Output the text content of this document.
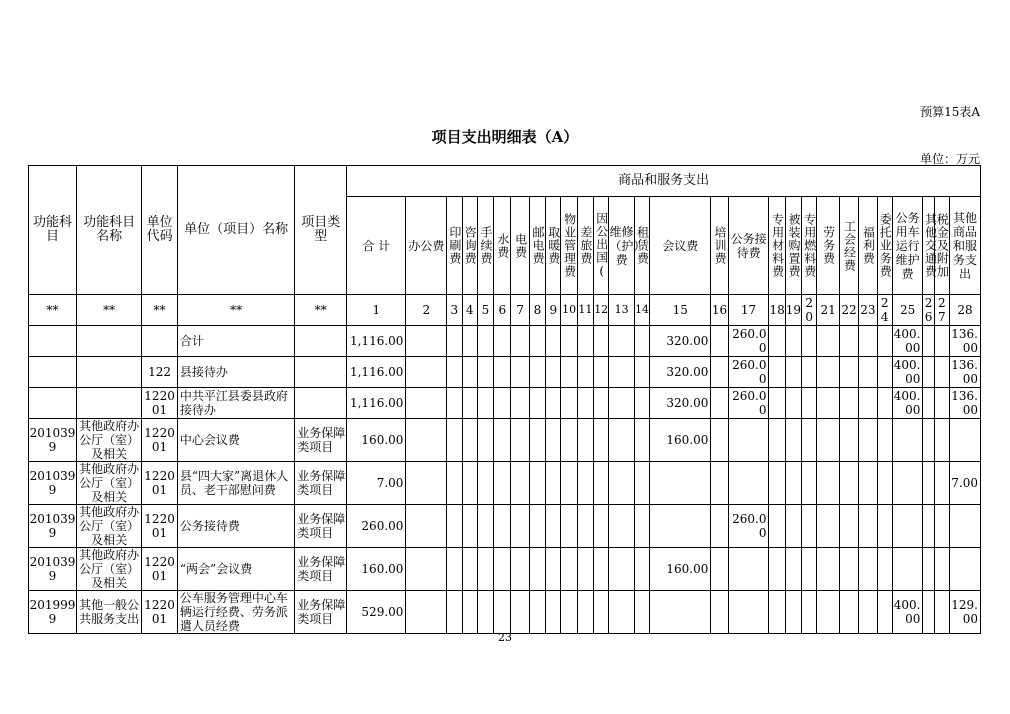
预算15表A
项目支出明细表（A）
单位：万元
功能科目	功能科目名称	单位代码	单位（项目）名称	项目类型	商品和服务支出																											

					合 计	办公费	印刷费	咨询费	手续费	水费	电费	邮电费	取暖费	物业管理费	差旅费	因公出国(	维修（护）费	租赁费	会议费	培训费	公务接待费	专用材料费	被装购置费	专用燃料费	劳务费	工会经费	福利费	委托业务费	公务用车运行维护费	其他交通费	税金及附加	其他商品和服务支出

**	**	**	**	**	1	2	3	4	5	6	7	8	9	10	11	12	13	14	15	16	17	18	19	20	21	22	23	24	25	26	27	28
			合计		1,116.00														320.00		260.00								400.00			136.00
		122	县接待办		1,116.00														320.00		260.00								400.00			136.00
		122001	中共平江县委县政府接待办		1,116.00														320.00		260.00								400.00			136.00
2010399	其他政府办公厅（室）及相关	122001	中心会议费	业务保障类项目	160.00														160.00													
2010399	其他政府办公厅（室）及相关	122001	县“四大家”离退休人员、老干部慰问费	业务保障类项目	7.00																											7.00
2010399	其他政府办公厅（室）及相关	122001	公务接待费	业务保障类项目	260.00																260.00											
2010399	其他政府办公厅（室）及相关	122001	“两会”会议费	业务保障类项目	160.00														160.00													
2019999	其他一般公共服务支出	122001	公车服务管理中心车辆运行经费、劳务派遣人员经费	业务保障类项目	529.00																								400.00			129.00
23
